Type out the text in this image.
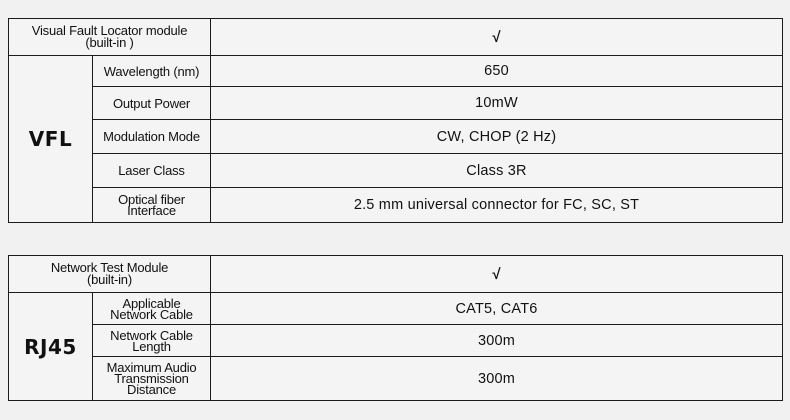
Visual Fault Locator module
(built-in )		√
VFL	Wavelength (nm)	650
	Output Power	10mW
	Modulation Mode	CW, CHOP (2 Hz)
	Laser Class	Class 3R
	Optical fiber
Interface	2.5 mm universal connector for FC, SC, ST
Network Test Module
(built-in)		√
RJ45	Applicable
Network Cable	CAT5, CAT6
	Network Cable
Length	300m
	Maximum Audio
Transmission
Distance	300m
